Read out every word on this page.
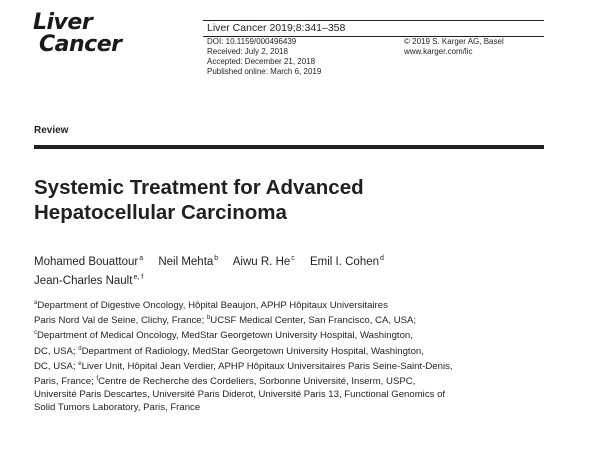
Liver
Cancer
Liver Cancer 2019;8:341–358
DOI: 10.1159/000496439
Received: July 2, 2018
Accepted: December 21, 2018
Published online: March 6, 2019
© 2019 S. Karger AG, Basel
www.karger.com/lic
Review
Systemic Treatment for Advanced
Hepatocellular Carcinoma
Mohamed Bouattour$^a$ Neil Mehta$^b$ Aiwu R. He$^c$ Emil I. Cohen$^d$
Jean-Charles Nault$^{e, f}$
$^a$Department of Digestive Oncology, Hôpital Beaujon, APHP Hôpitaux Universitaires
Paris Nord Val de Seine, Clichy, France; $^b$UCSF Medical Center, San Francisco, CA, USA;
$^c$Department of Medical Oncology, MedStar Georgetown University Hospital, Washington,
DC, USA; $^d$Department of Radiology, MedStar Georgetown University Hospital, Washington,
DC, USA; $^e$Liver Unit, Hôpital Jean Verdier, APHP Hôpitaux Universitaires Paris Seine-Saint-Denis,
Paris, France; $^f$Centre de Recherche des Cordeliers, Sorbonne Université, Inserm, USPC,
Université Paris Descartes, Université Paris Diderot, Université Paris 13, Functional Genomics of
Solid Tumors Laboratory, Paris, France
